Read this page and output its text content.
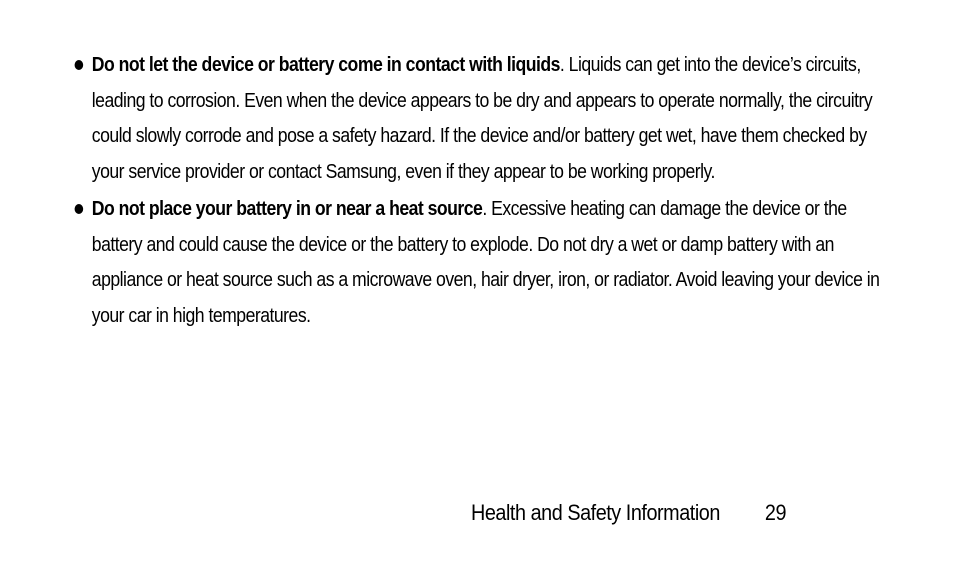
Do not let the device or battery come in contact with liquids. Liquids can get into the device’s circuits, leading to corrosion. Even when the device appears to be dry and appears to operate normally, the circuitry could slowly corrode and pose a safety hazard. If the device and/or battery get wet, have them checked by your service provider or contact Samsung, even if they appear to be working properly.
Do not place your battery in or near a heat source. Excessive heating can damage the device or the battery and could cause the device or the battery to explode. Do not dry a wet or damp battery with an appliance or heat source such as a microwave oven, hair dryer, iron, or radiator. Avoid leaving your device in your car in high temperatures.
Health and Safety Information 29
